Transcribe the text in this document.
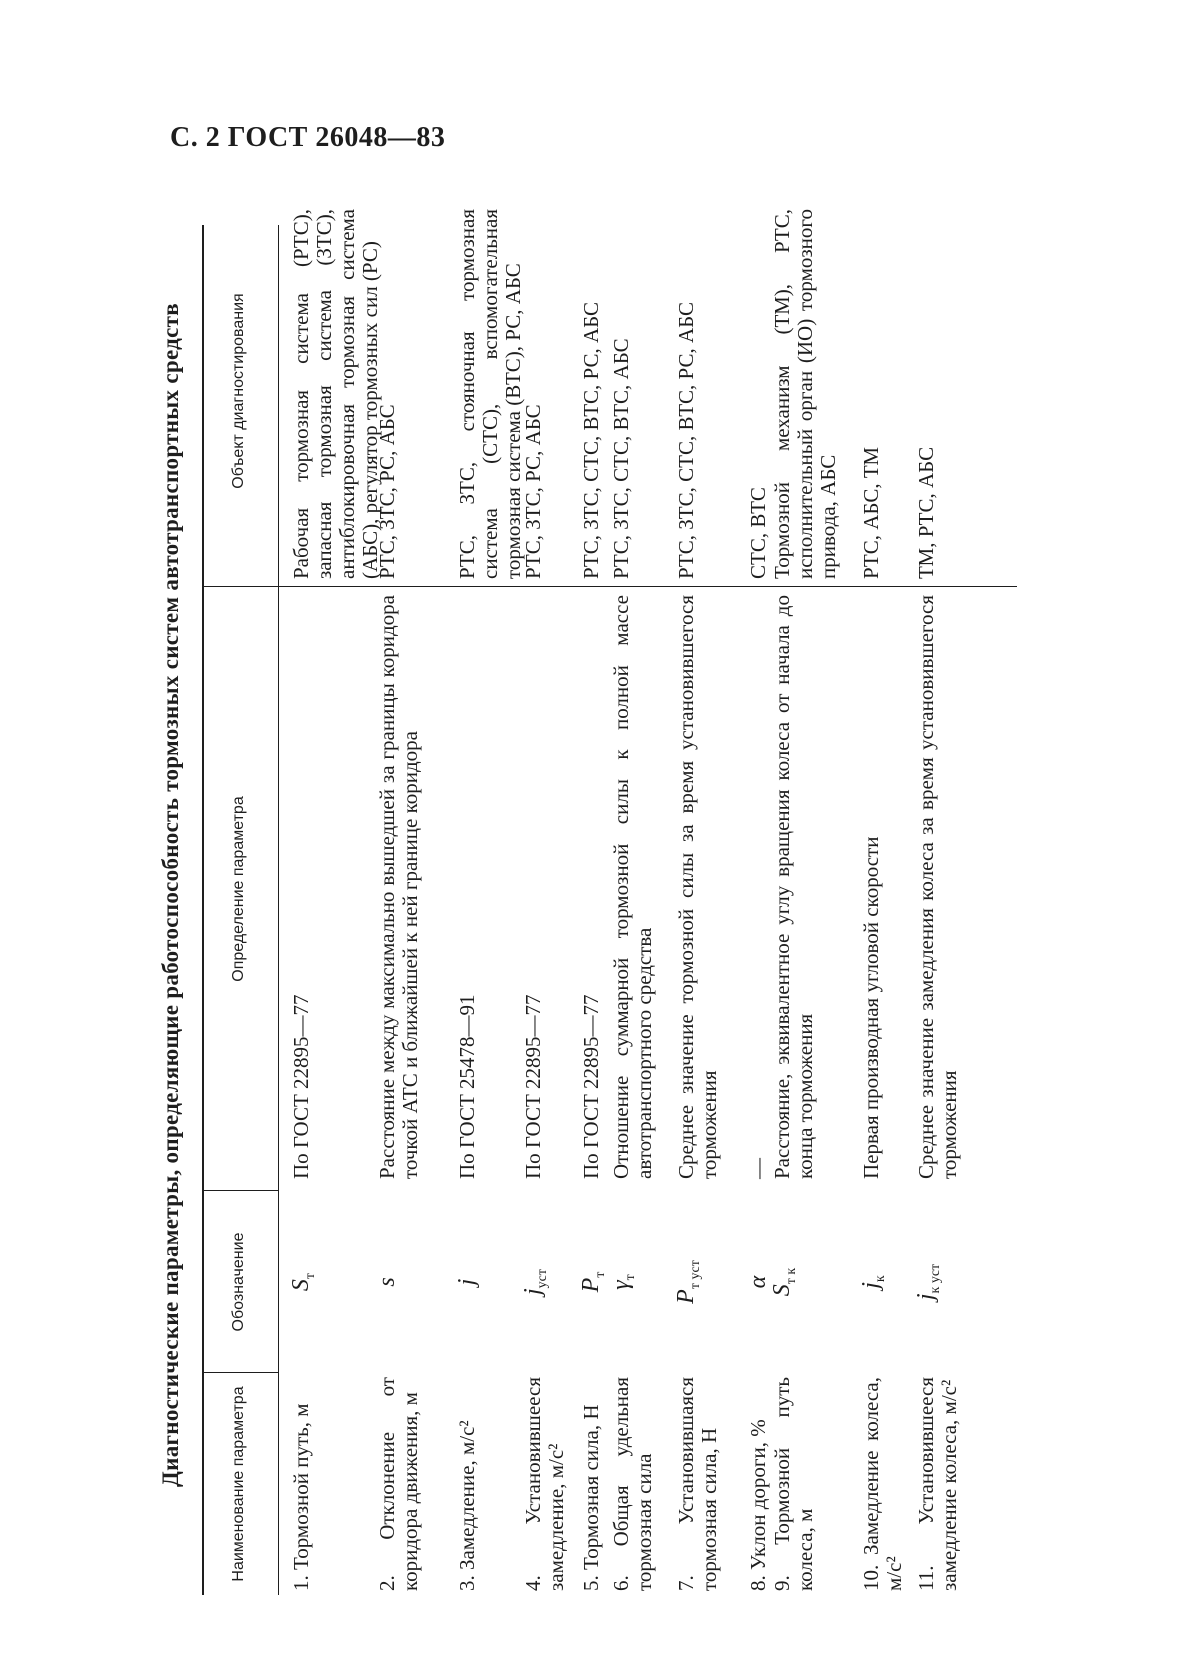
С. 2 ГОСТ 26048—83
Диагностические параметры, определяющие работоспособность тормозных систем автотранспортных средств	Наименование параметра
Обозначение
Определение параметра
Объект диагностирования
1. Тормозной путь, м
$S_т$
По ГОСТ 22895—77
Рабочая тормозная система (РТС), запасная тормозная система (ЗТС), антиблокировочная тормозная система (АБС), регулятор тормозных сил (РС)
2. Отклонение от коридора движения, м
s
Расстояние между максимально вышедшей за границы коридора точкой АТС и ближайшей к ней границе коридора
РТС, ЗТС, РС, АБС
3. Замедление, м/с²
j
По ГОСТ 25478—91
РТС, ЗТС, стояночная тормозная система (СТС), вспомогательная тормозная система (ВТС), РС, АБС
4. Установившееся замедление, м/с²
$j_{уст}$
По ГОСТ 22895—77
РТС, ЗТС, РС, АБС
5. Тормозная сила, Н
$P_т$
По ГОСТ 22895—77
РТС, ЗТС, СТС, ВТС, РС, АБС
6. Общая удельная тормозная сила
$\gamma_т$
Отношение суммарной тормозной силы к полной массе автотранспортного средства
РТС, ЗТС, СТС, ВТС, АБС
7. Установившаяся тормозная сила, Н
$P_{т уст}$
Среднее значение тормозной силы за время установившегося торможения
РТС, ЗТС, СТС, ВТС, РС, АБС
8. Уклон дороги, %
α
—
СТС, ВТС
9. Тормозной путь колеса, м
$S_{т к}$
Расстояние, эквивалентное углу вращения колеса от начала до конца торможения
Тормозной механизм (ТМ), РТС, исполнительный орган (ИО) тормозного привода, АБС
10. Замедление колеса, м/с²
$j_к$
Первая производная угловой скорости
РТС, АБС, ТМ
11. Установившееся замедление колеса, м/с²
$j_{к уст}$
Среднее значение замедления колеса за время установившегося торможения
ТМ, РТС, АБС
